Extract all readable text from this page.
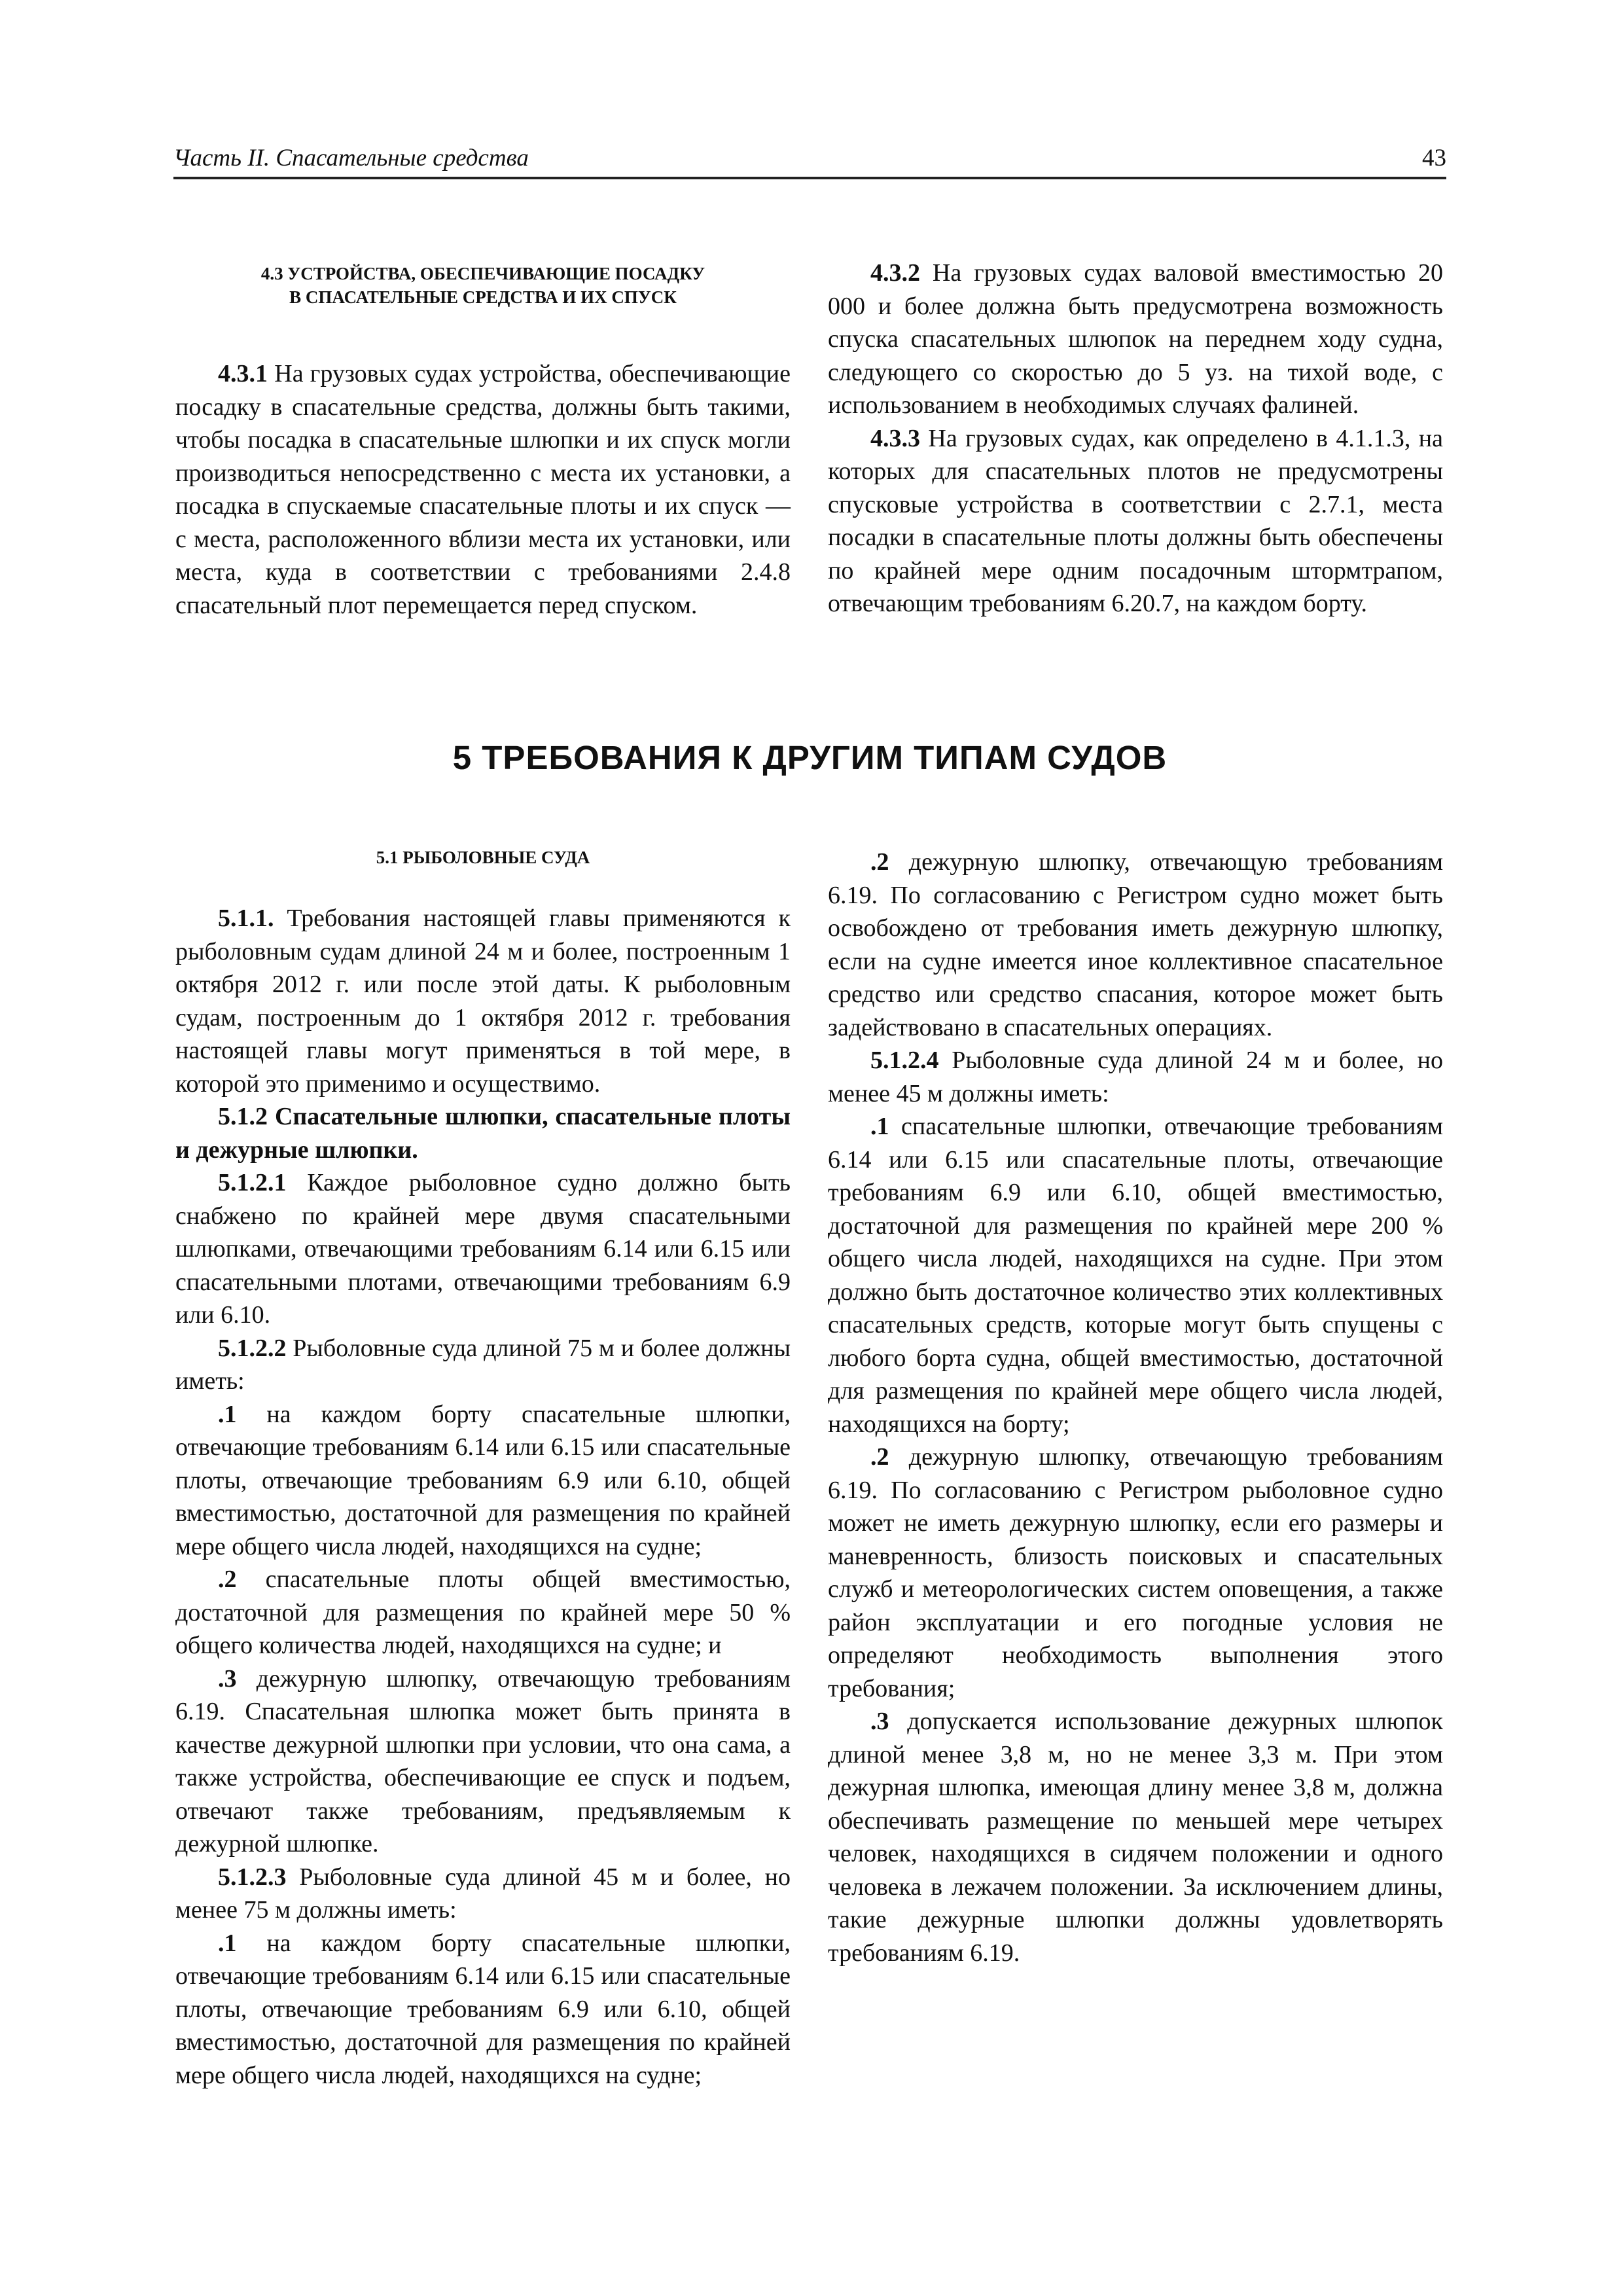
Часть II. Спасательные средства	43

4.3 УСТРОЙСТВА, ОБЕСПЕЧИВАЮЩИЕ ПОСАДКУ
В СПАСАТЕЛЬНЫЕ СРЕДСТВА И ИХ СПУСК

4.3.1 На грузовых судах устройства, обеспечивающие посадку в спасательные средства, должны быть такими, чтобы посадка в спасательные шлюпки и их спуск могли производиться непосредственно с места их установки, а посадка в спускаемые спасательные плоты и их спуск — с места, расположенного вблизи места их установки, или места, куда в соответствии с требованиями 2.4.8 спасательный плот перемещается перед спуском.

4.3.2 На грузовых судах валовой вместимостью 20 000 и более должна быть предусмотрена возможность спуска спасательных шлюпок на переднем ходу судна, следующего со скоростью до 5 уз. на тихой воде, с использованием в необходимых случаях фалиней.

4.3.3 На грузовых судах, как определено в 4.1.1.3, на которых для спасательных плотов не предусмотрены спусковые устройства в соответствии с 2.7.1, места посадки в спасательные плоты должны быть обеспечены по крайней мере одним посадочным штормтрапом, отвечающим требованиям 6.20.7, на каждом борту.

5 ТРЕБОВАНИЯ К ДРУГИМ ТИПАМ СУДОВ

5.1 РЫБОЛОВНЫЕ СУДА

5.1.1. Требования настоящей главы применяются к рыболовным судам длиной 24 м и более, построенным 1 октября 2012 г. или после этой даты. К рыболовным судам, построенным до 1 октября 2012 г. требования настоящей главы могут применяться в той мере, в которой это применимо и осуществимо.

5.1.2 Спасательные шлюпки, спасательные плоты и дежурные шлюпки.

5.1.2.1 Каждое рыболовное судно должно быть снабжено по крайней мере двумя спасательными шлюпками, отвечающими требованиям 6.14 или 6.15 или спасательными плотами, отвечающими требованиям 6.9 или 6.10.

5.1.2.2 Рыболовные суда длиной 75 м и более должны иметь:

.1 на каждом борту спасательные шлюпки, отвечающие требованиям 6.14 или 6.15 или спасательные плоты, отвечающие требованиям 6.9 или 6.10, общей вместимостью, достаточной для размещения по крайней мере общего числа людей, находящихся на судне;

.2 спасательные плоты общей вместимостью, достаточной для размещения по крайней мере 50 % общего количества людей, находящихся на судне; и

.3 дежурную шлюпку, отвечающую требованиям 6.19. Спасательная шлюпка может быть принята в качестве дежурной шлюпки при условии, что она сама, а также устройства, обеспечивающие ее спуск и подъем, отвечают также требованиям, предъявляемым к дежурной шлюпке.

5.1.2.3 Рыболовные суда длиной 45 м и более, но менее 75 м должны иметь:

.1 на каждом борту спасательные шлюпки, отвечающие требованиям 6.14 или 6.15 или спасательные плоты, отвечающие требованиям 6.9 или 6.10, общей вместимостью, достаточной для размещения по крайней мере общего числа людей, находящихся на судне;

.2 дежурную шлюпку, отвечающую требованиям 6.19. По согласованию с Регистром судно может быть освобождено от требования иметь дежурную шлюпку, если на судне имеется иное коллективное спасательное средство или средство спасания, которое может быть задействовано в спасательных операциях.

5.1.2.4 Рыболовные суда длиной 24 м и более, но менее 45 м должны иметь:

.1 спасательные шлюпки, отвечающие требованиям 6.14 или 6.15 или спасательные плоты, отвечающие требованиям 6.9 или 6.10, общей вместимостью, достаточной для размещения по крайней мере 200 % общего числа людей, находящихся на судне. При этом должно быть достаточное количество этих коллективных спасательных средств, которые могут быть спущены с любого борта судна, общей вместимостью, достаточной для размещения по крайней мере общего числа людей, находящихся на борту;

.2 дежурную шлюпку, отвечающую требованиям 6.19. По согласованию с Регистром рыболовное судно может не иметь дежурную шлюпку, если его размеры и маневренность, близость поисковых и спасательных служб и метеорологических систем оповещения, а также район эксплуатации и его погодные условия не определяют необходимость выполнения этого требования;

.3 допускается использование дежурных шлюпок длиной менее 3,8 м, но не менее 3,3 м. При этом дежурная шлюпка, имеющая длину менее 3,8 м, должна обеспечивать размещение по меньшей мере четырех человек, находящихся в сидячем положении и одного человека в лежачем положении. За исключением длины, такие дежурные шлюпки должны удовлетворять требованиям 6.19.
